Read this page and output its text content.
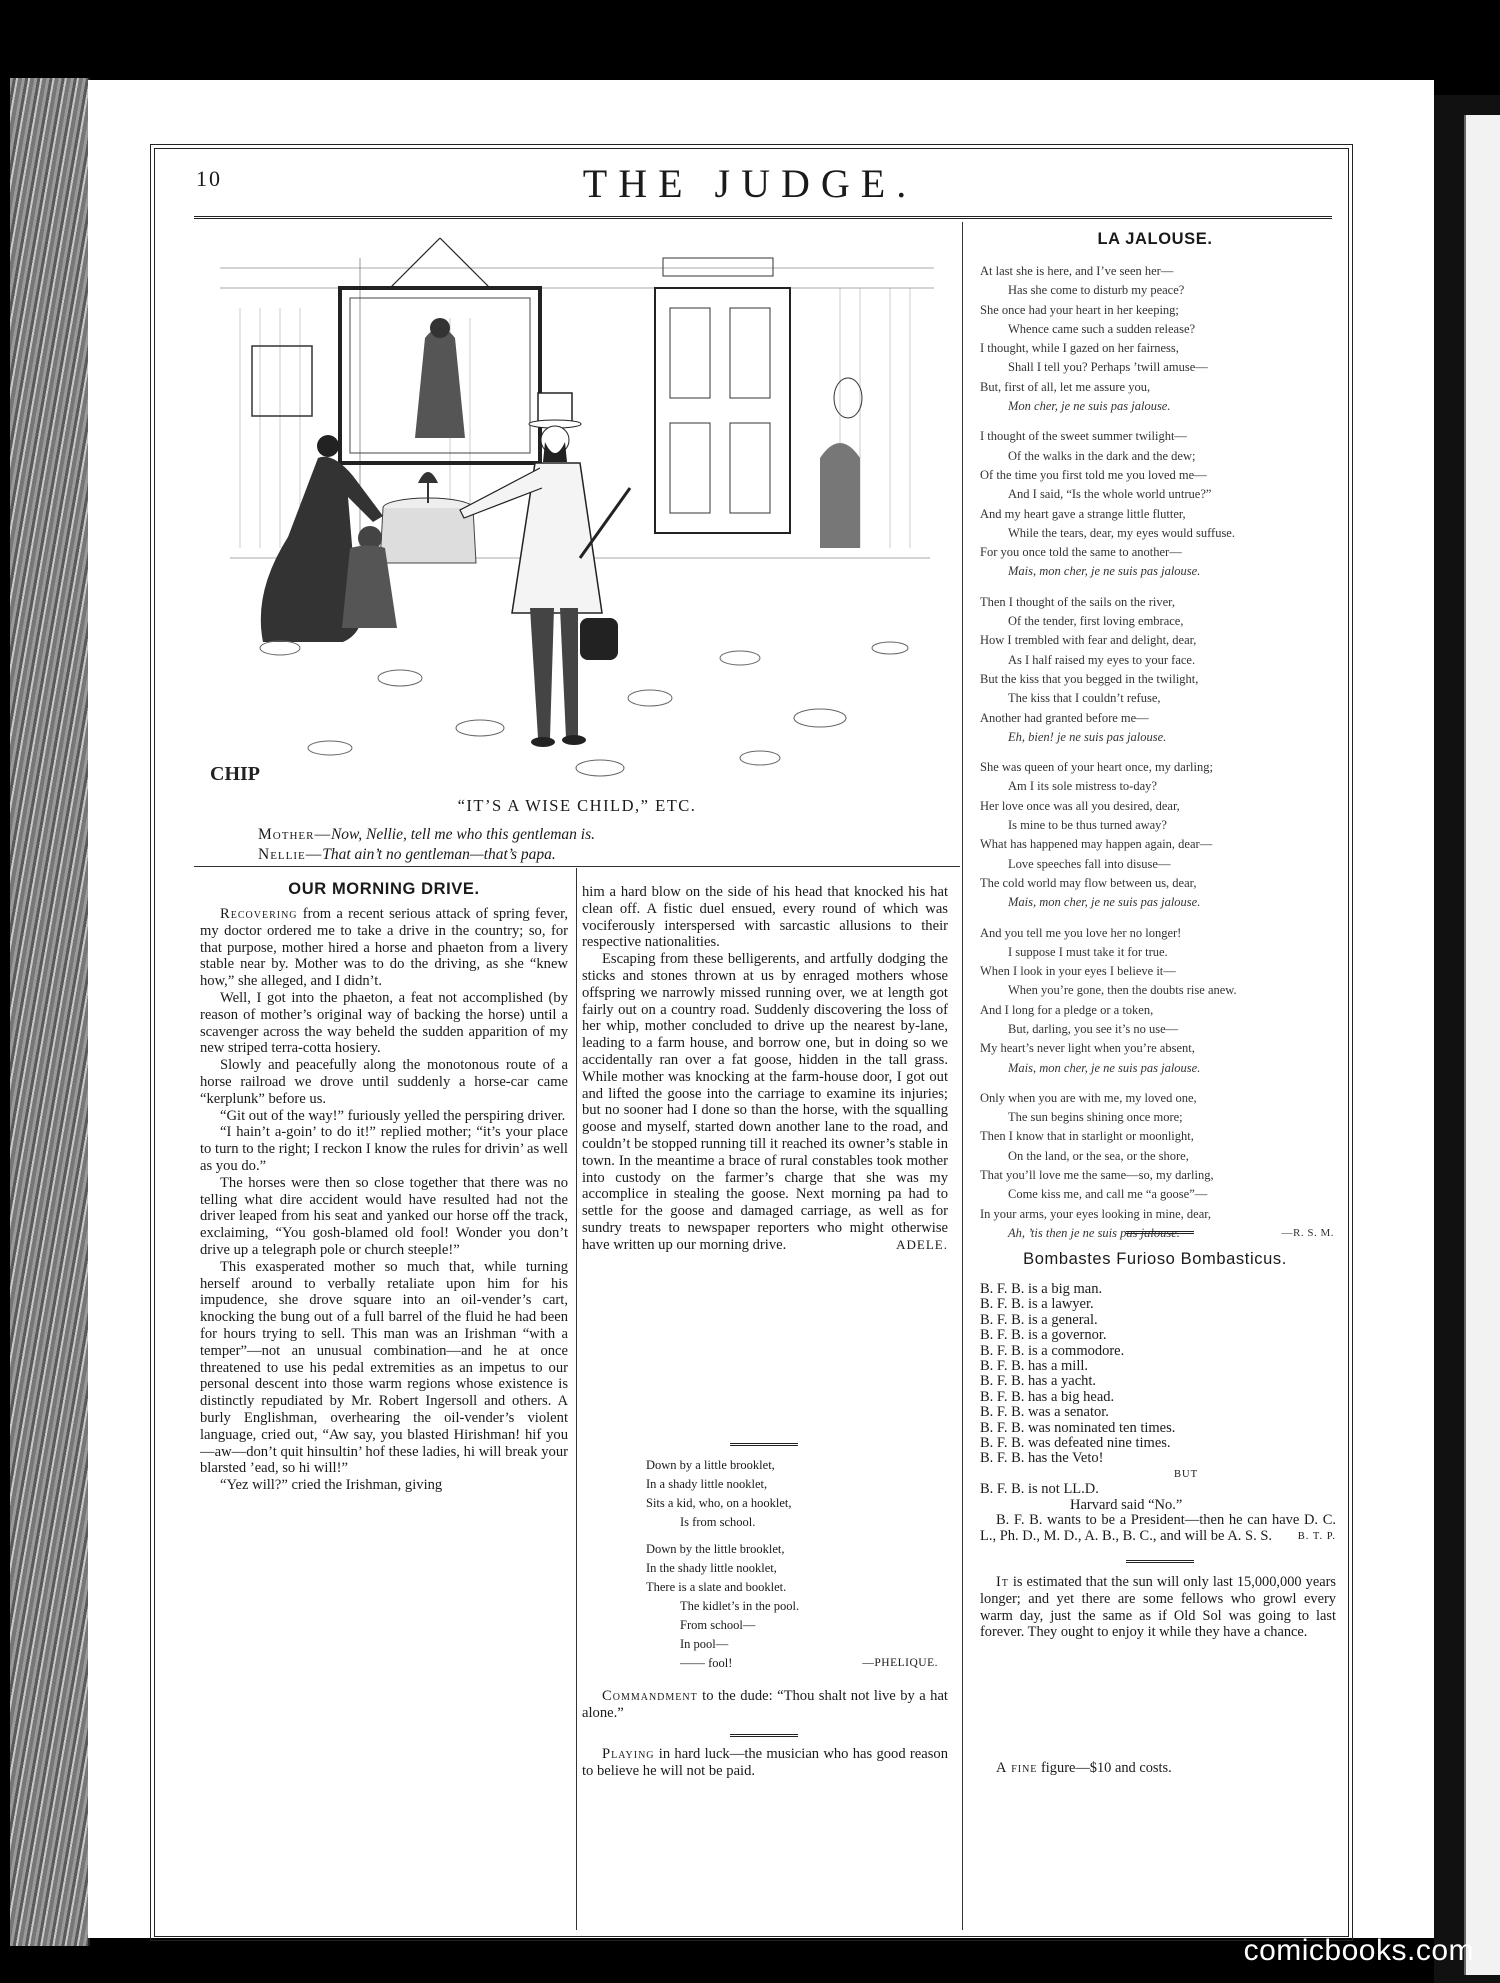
10	THE JUDGE.
CHIP
“IT’S A WISE CHILD,” ETC.
Mother—Now, Nellie, tell me who this gentleman is.
Nellie—That ain’t no gentleman—that’s papa.
OUR MORNING DRIVE.

Recovering from a recent serious attack of spring fever, my doctor ordered me to take a drive in the country; so, for that purpose, mother hired a horse and phaeton from a livery stable near by. Mother was to do the driving, as she “knew how,” she alleged, and I didn’t.

Well, I got into the phaeton, a feat not accomplished (by reason of mother’s original way of backing the horse) until a scavenger across the way beheld the sudden apparition of my new striped terra-cotta hosiery.

Slowly and peacefully along the monotonous route of a horse railroad we drove until suddenly a horse-car came “kerplunk” before us.

“Git out of the way!” furiously yelled the perspiring driver.

“I hain’t a-goin’ to do it!” replied mother; “it’s your place to turn to the right; I reckon I know the rules for drivin’ as well as you do.”

The horses were then so close together that there was no telling what dire accident would have resulted had not the driver leaped from his seat and yanked our horse off the track, exclaiming, “You gosh-blamed old fool! Wonder you don’t drive up a telegraph pole or church steeple!”

This exasperated mother so much that, while turning herself around to verbally retaliate upon him for his impudence, she drove square into an oil-vender’s cart, knocking the bung out of a full barrel of the fluid he had been for hours trying to sell. This man was an Irishman “with a temper”—not an unusual combination—and he at once threatened to use his pedal extremities as an impetus to our personal descent into those warm regions whose existence is distinctly repudiated by Mr. Robert Ingersoll and others. A burly Englishman, overhearing the oil-vender’s violent language, cried out, “Aw say, you blasted Hirishman! hif you—aw—don’t quit hinsultin’ hof these ladies, hi will break your blarsted ’ead, so hi will!”

“Yez will?” cried the Irishman, giving

him a hard blow on the side of his head that knocked his hat clean off. A fistic duel ensued, every round of which was vociferously interspersed with sarcastic allusions to their respective nationalities.

Escaping from these belligerents, and artfully dodging the sticks and stones thrown at us by enraged mothers whose offspring we narrowly missed running over, we at length got fairly out on a country road. Suddenly discovering the loss of her whip, mother concluded to drive up the nearest by-lane, leading to a farm house, and borrow one, but in doing so we accidentally ran over a fat goose, hidden in the tall grass. While mother was knocking at the farm-house door, I got out and lifted the goose into the carriage to examine its injuries; but no sooner had I done so than the horse, with the squalling goose and myself, started down another lane to the road, and couldn’t be stopped running till it reached its owner’s stable in town. In the meantime a brace of rural constables took mother into custody on the farmer’s charge that she was my accomplice in stealing the goose. Next morning pa had to settle for the goose and damaged carriage, as well as for sundry treats to newspaper reporters who might otherwise have written up our morning drive.	ADELE.

Down by a little brooklet,
In a shady little nooklet,
Sits a kid, who, on a hooklet,
Is from school.
Down by the little brooklet,
In the shady little nooklet,
There is a slate and booklet.
The kidlet’s in the pool.
From school—
In pool—
—— fool!	—PHELIQUE.

Commandment to the dude: “Thou shalt not live by a hat alone.”

Playing in hard luck—the musician who has good reason to believe he will not be paid.

LA JALOUSE.
At last she is here, and I’ve seen her—
Has she come to disturb my peace?
She once had your heart in her keeping;
Whence came such a sudden release?
I thought, while I gazed on her fairness,
Shall I tell you? Perhaps ’twill amuse—
But, first of all, let me assure you,
Mon cher, je ne suis pas jalouse.
I thought of the sweet summer twilight—
Of the walks in the dark and the dew;
Of the time you first told me you loved me—
And I said, “Is the whole world untrue?”
And my heart gave a strange little flutter,
While the tears, dear, my eyes would suffuse.
For you once told the same to another—
Mais, mon cher, je ne suis pas jalouse.
Then I thought of the sails on the river,
Of the tender, first loving embrace,
How I trembled with fear and delight, dear,
As I half raised my eyes to your face.
But the kiss that you begged in the twilight,
The kiss that I couldn’t refuse,
Another had granted before me—
Eh, bien! je ne suis pas jalouse.
She was queen of your heart once, my darling;
Am I its sole mistress to-day?
Her love once was all you desired, dear,
Is mine to be thus turned away?
What has happened may happen again, dear—
Love speeches fall into disuse—
The cold world may flow between us, dear,
Mais, mon cher, je ne suis pas jalouse.
And you tell me you love her no longer!
I suppose I must take it for true.
When I look in your eyes I believe it—
When you’re gone, then the doubts rise anew.
And I long for a pledge or a token,
But, darling, you see it’s no use—
My heart’s never light when you’re absent,
Mais, mon cher, je ne suis pas jalouse.
Only when you are with me, my loved one,
The sun begins shining once more;
Then I know that in starlight or moonlight,
On the land, or the sea, or the shore,
That you’ll love me the same—so, my darling,
Come kiss me, and call me “a goose”—
In your arms, your eyes looking in mine, dear,
Ah, ’tis then je ne suis pas jalouse.	—R. S. M.
Bombastes Furioso Bombasticus.
B. F. B. is a big man.
B. F. B. is a lawyer.
B. F. B. is a general.
B. F. B. is a governor.
B. F. B. is a commodore.
B. F. B. has a mill.
B. F. B. has a yacht.
B. F. B. has a big head.
B. F. B. was a senator.
B. F. B. was nominated ten times.
B. F. B. was defeated nine times.
B. F. B. has the Veto!
BUT
B. F. B. is not LL.D.
Harvard said “No.”
B. F. B. wants to be a President—then he can have D. C. L., Ph. D., M. D., A. B., B. C., and will be A. S. S.	B. T. P.

It is estimated that the sun will only last 15,000,000 years longer; and yet there are some fellows who growl every warm day, just the same as if Old Sol was going to last forever. They ought to enjoy it while they have a chance.

A fine figure—$10 and costs.

comicbooks.com
